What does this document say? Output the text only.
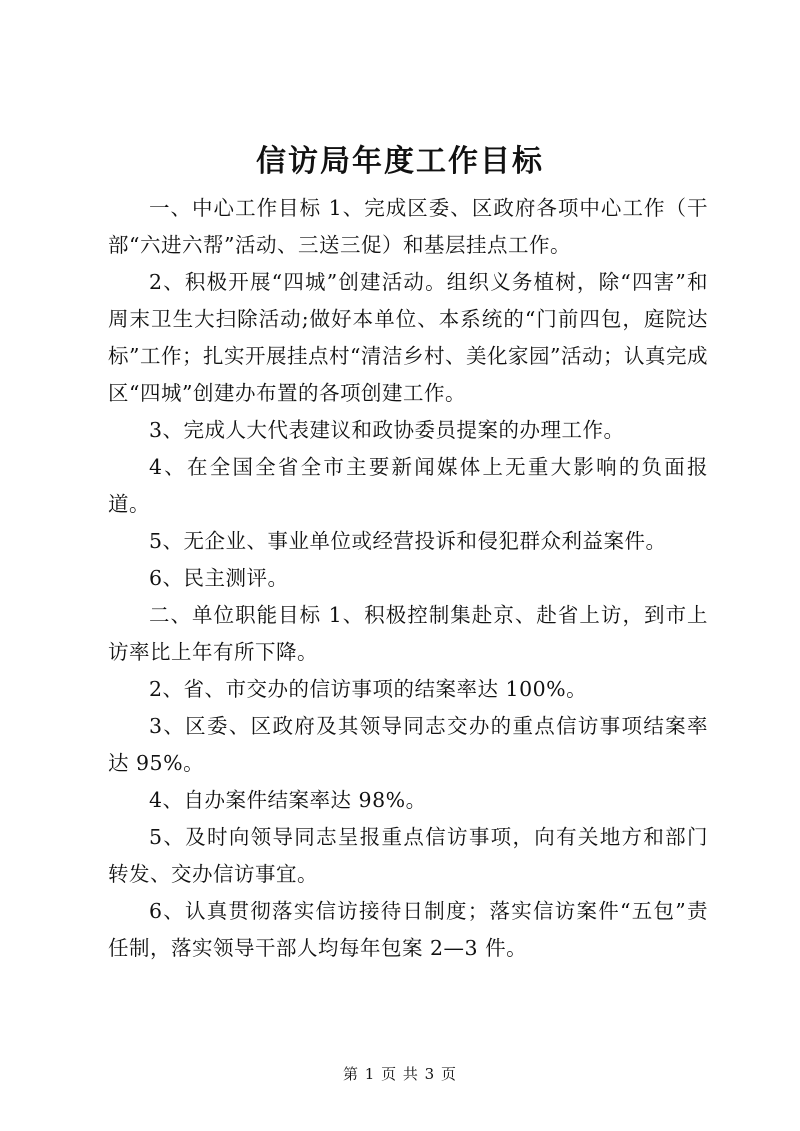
信访局年度工作目标

一、中心工作目标 1、完成区委、区政府各项中心工作（干部“六进六帮”活动、三送三促）和基层挂点工作。

2、积极开展“四城”创建活动。组织义务植树，除“四害”和周末卫生大扫除活动;做好本单位、本系统的“门前四包，庭院达标”工作；扎实开展挂点村“清洁乡村、美化家园”活动；认真完成区“四城”创建办布置的各项创建工作。

3、完成人大代表建议和政协委员提案的办理工作。

4、在全国全省全市主要新闻媒体上无重大影响的负面报道。

5、无企业、事业单位或经营投诉和侵犯群众利益案件。

6、民主测评。

二、单位职能目标 1、积极控制集赴京、赴省上访，到市上访率比上年有所下降。

2、省、市交办的信访事项的结案率达 100%。

3、区委、区政府及其领导同志交办的重点信访事项结案率达 95%。

4、自办案件结案率达 98%。

5、及时向领导同志呈报重点信访事项，向有关地方和部门转发、交办信访事宜。

6、认真贯彻落实信访接待日制度；落实信访案件“五包”责任制，落实领导干部人均每年包案 2—3 件。

第 1 页 共 3 页
